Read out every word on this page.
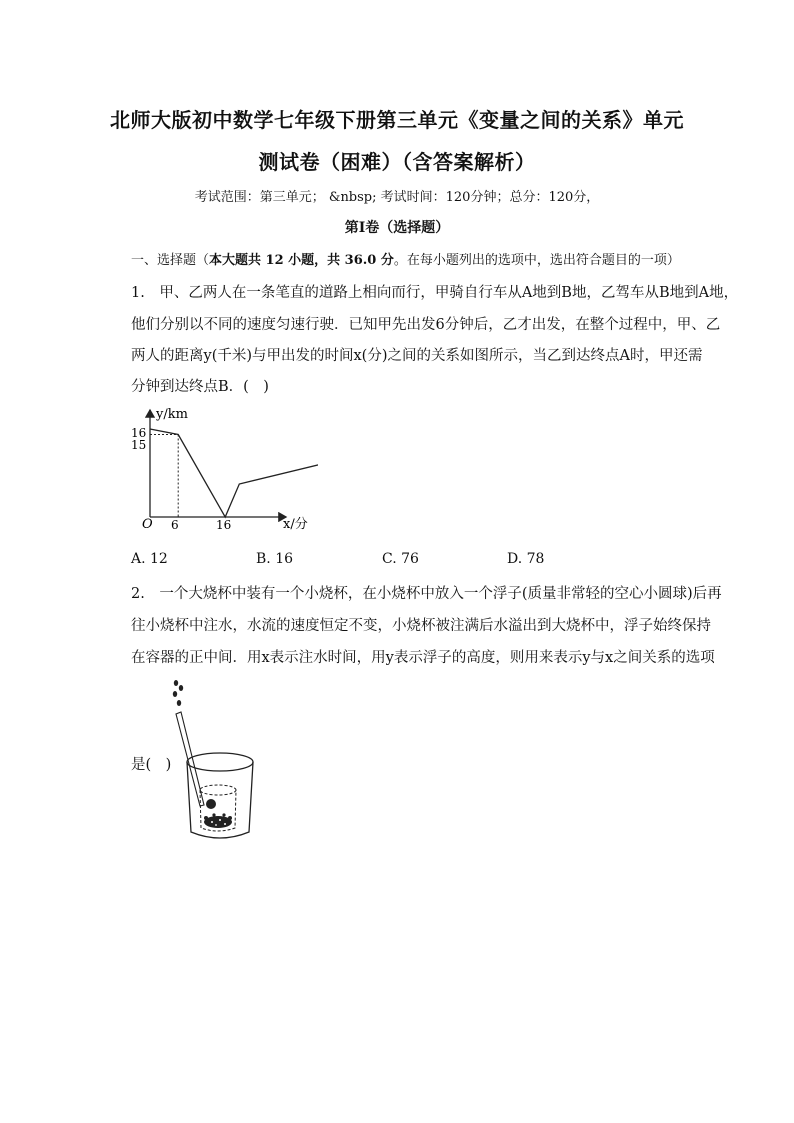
北师大版初中数学七年级下册第三单元《变量之间的关系》单元
测试卷（困难）（含答案解析）
考试范围：第三单元； &nbsp; 考试时间：120分钟；总分：120分，
第I卷（选择题）
一、选择题（本大题共 12 小题，共 36.0 分。在每小题列出的选项中，选出符合题目的一项）
1.　甲、乙两人在一条笔直的道路上相向而行，甲骑自行车从A地到B地，乙驾车从B地到A地，
他们分别以不同的速度匀速行驶．已知甲先出发6分钟后，乙才出发，在整个过程中，甲、乙
两人的距离y(千米)与甲出发的时间x(分)之间的关系如图所示，当乙到达终点A时，甲还需
分钟到达终点B．(　)
y/km
x/分
O
16
15
6	16
A. 12	B. 16	C. 76	D. 78
2.　一个大烧杯中装有一个小烧杯，在小烧杯中放入一个浮子(质量非常轻的空心小圆球)后再
往小烧杯中注水，水流的速度恒定不变，小烧杯被注满后水溢出到大烧杯中，浮子始终保持
在容器的正中间．用x表示注水时间，用y表示浮子的高度，则用来表示y与x之间关系的选项
是(　)
